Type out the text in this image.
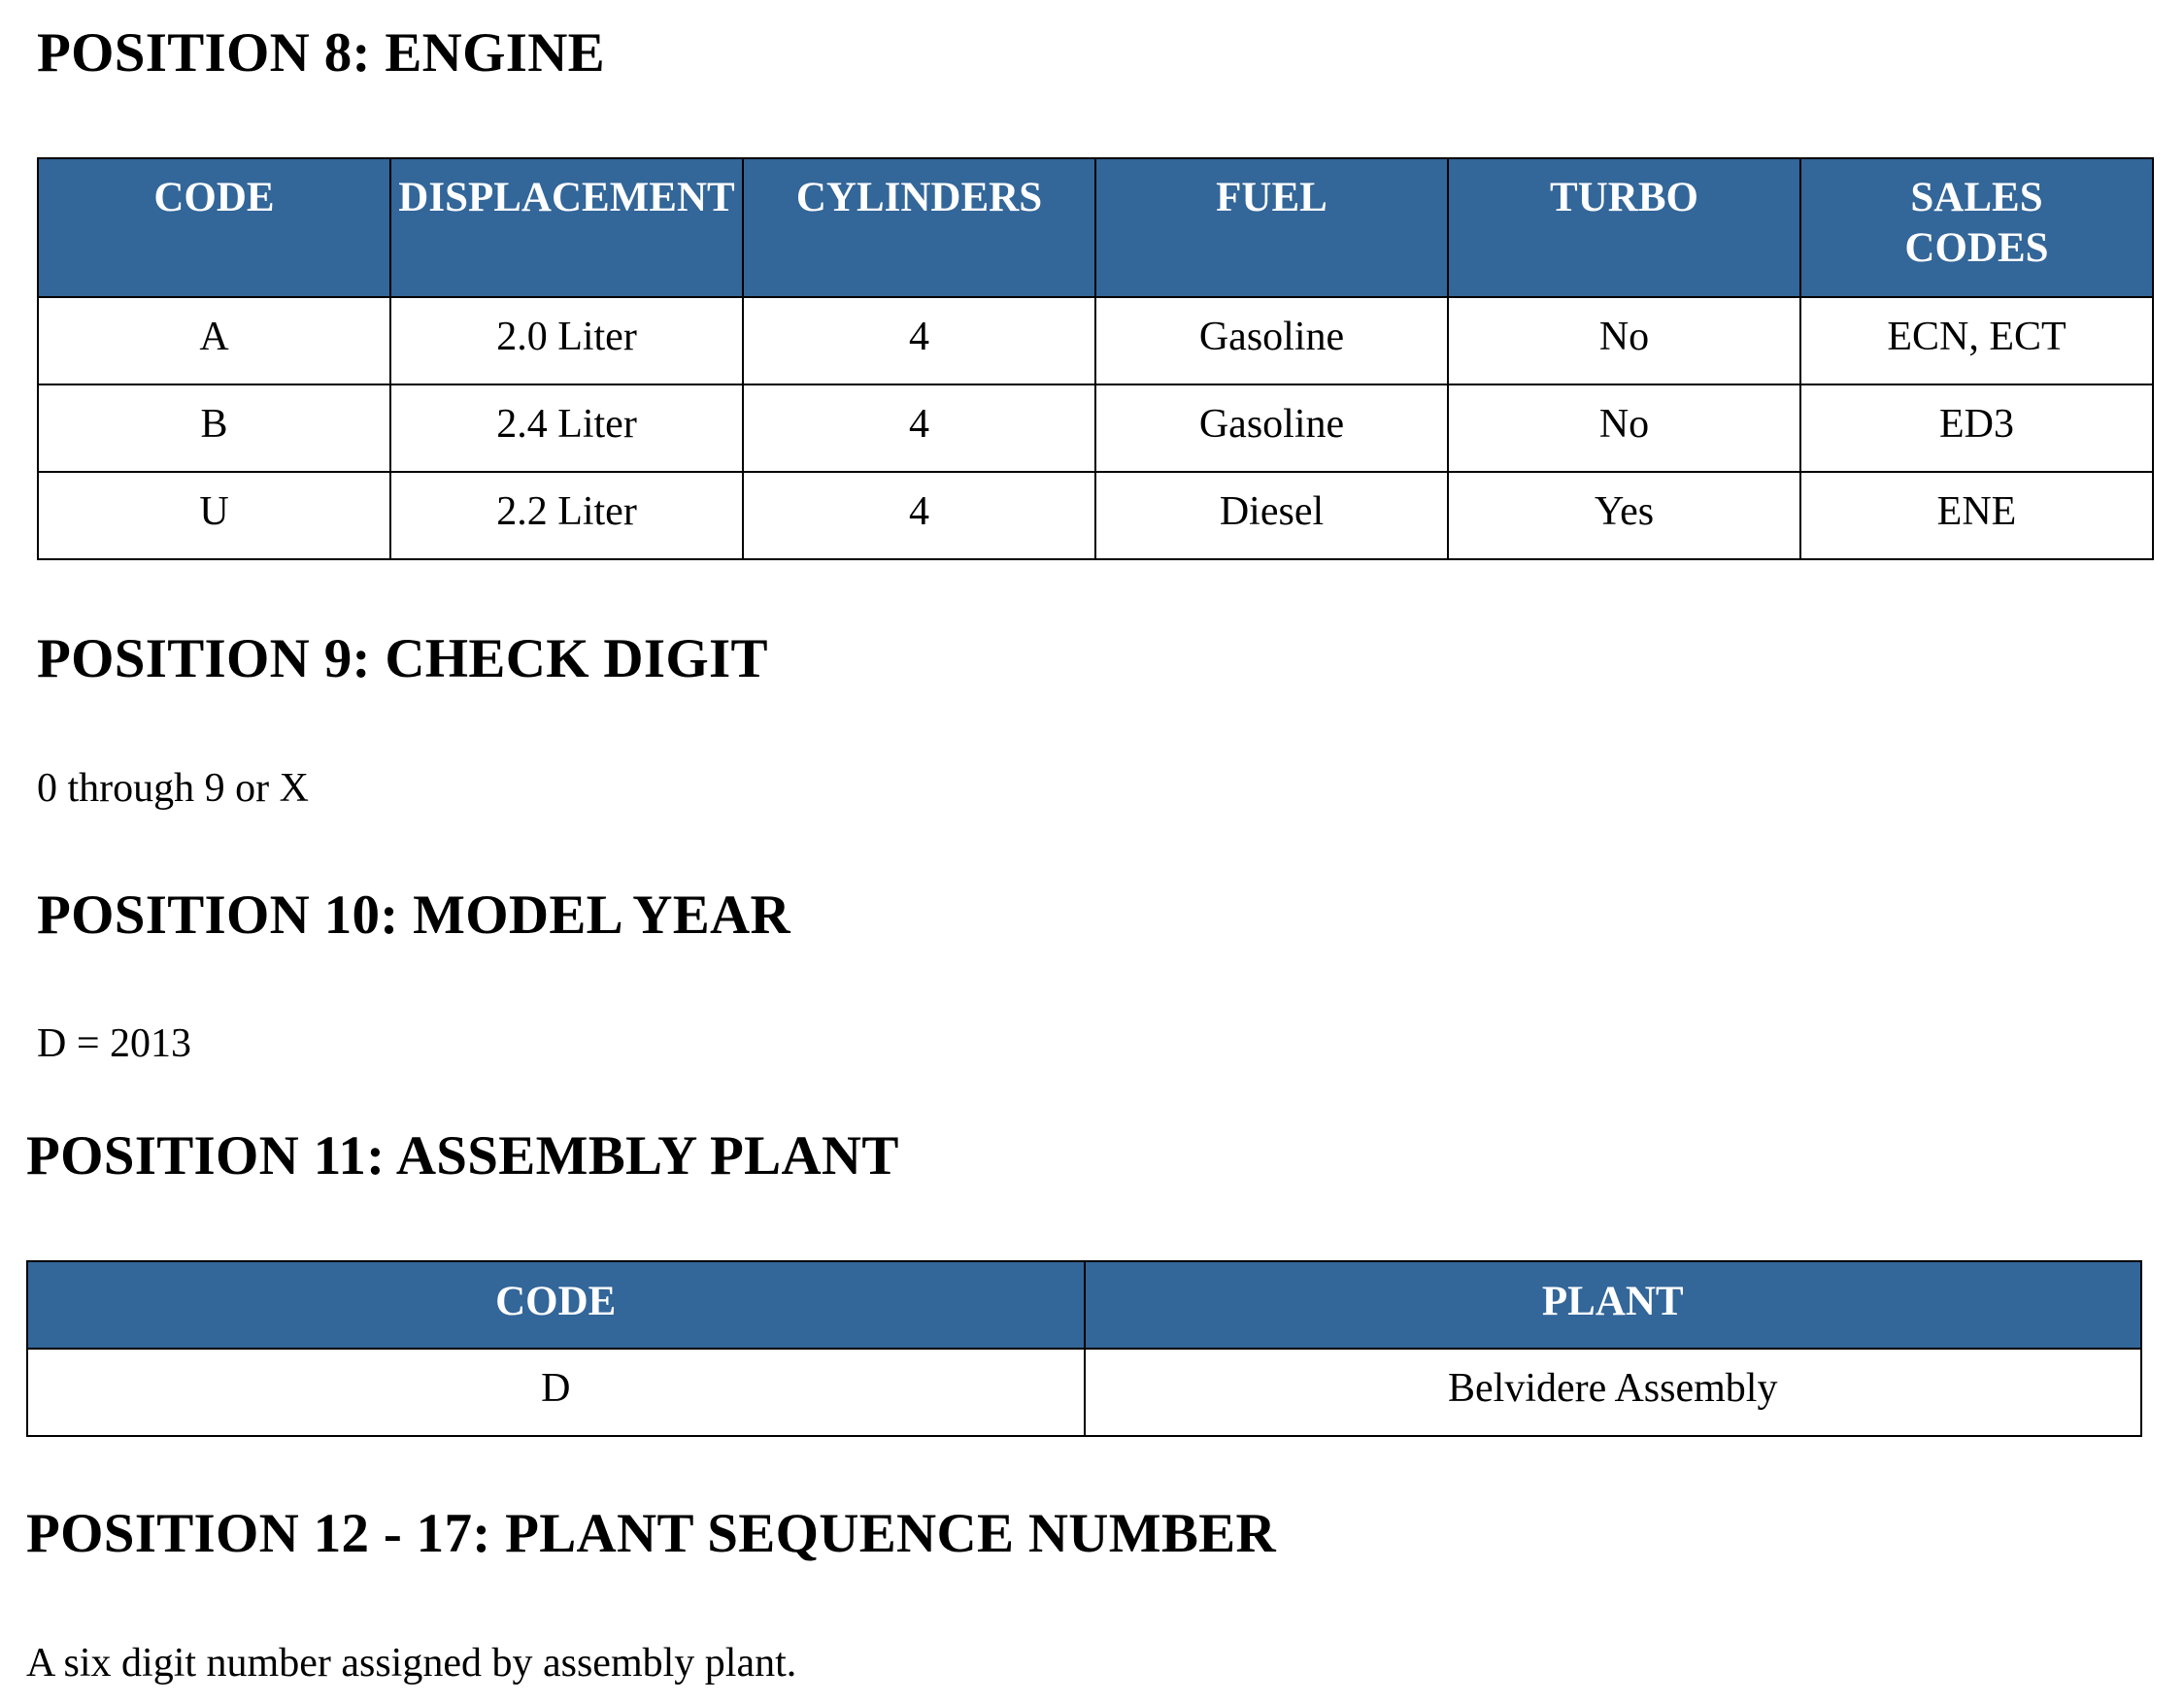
POSITION 8: ENGINE
CODE	DISPLACEMENT	CYLINDERS	FUEL	TURBO	SALES CODES
A	2.0 Liter	4	Gasoline	No	ECN, ECT
B	2.4 Liter	4	Gasoline	No	ED3
U	2.2 Liter	4	Diesel	Yes	ENE
POSITION 9: CHECK DIGIT

0 through 9 or X

POSITION 10: MODEL YEAR

D = 2013

POSITION 11: ASSEMBLY PLANT
CODE	PLANT
D	Belvidere Assembly
POSITION 12 - 17: PLANT SEQUENCE NUMBER

A six digit number assigned by assembly plant.
